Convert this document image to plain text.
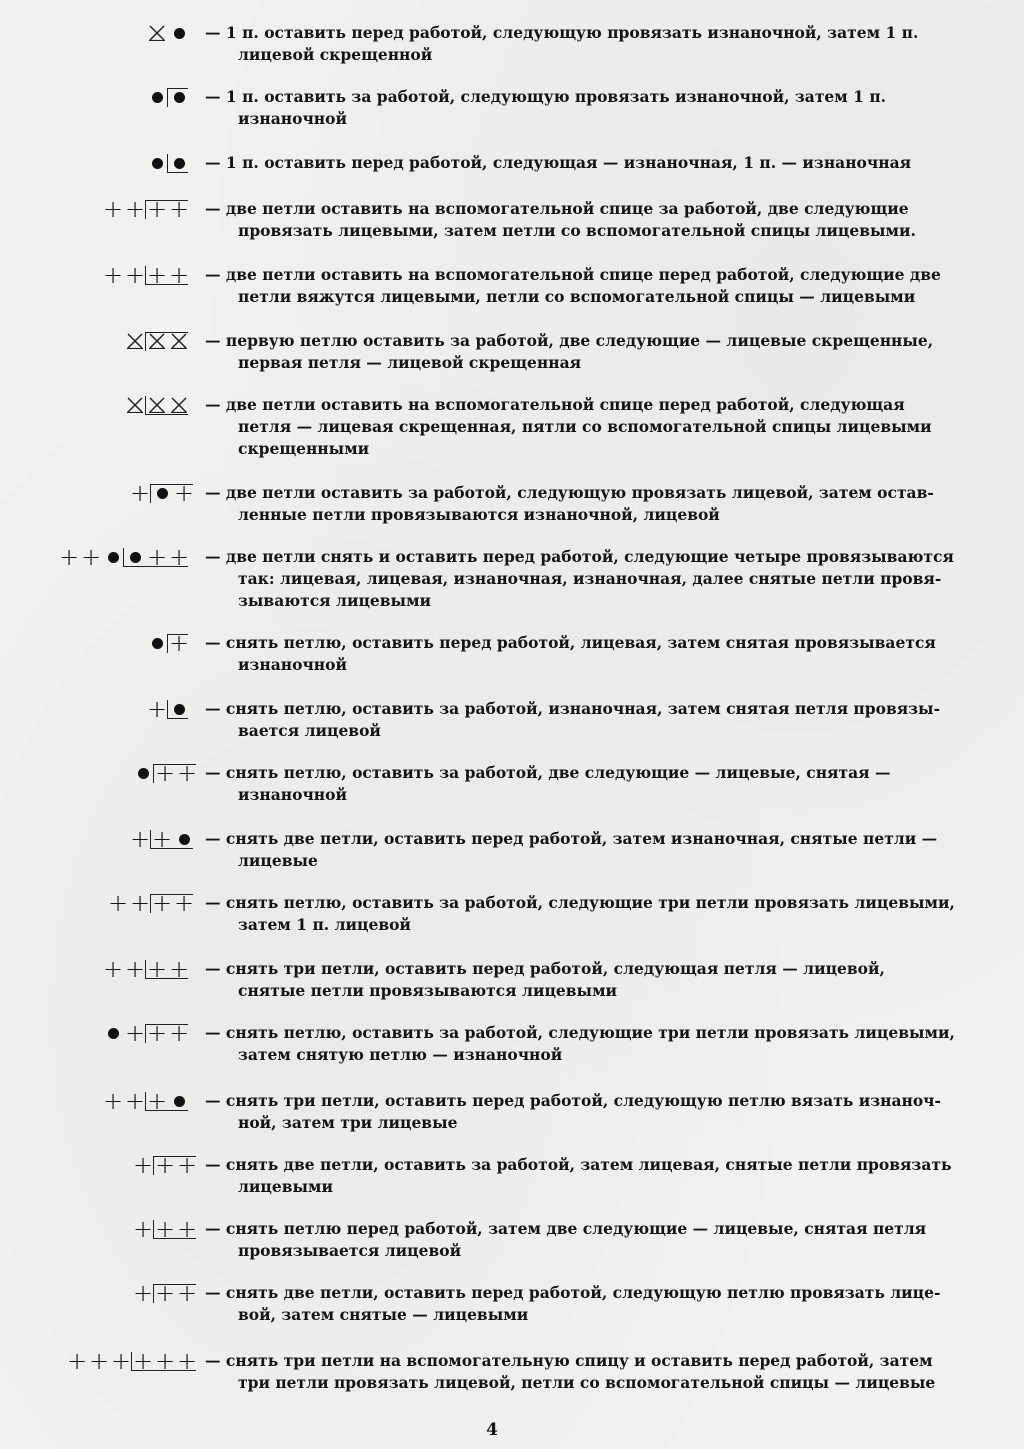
— 1 п. оставить перед работой, следующую провязать изнаночной, затем 1 п.
лицевой скрещенной
— 1 п. оставить за работой, следующую провязать изнаночной, затем 1 п.
изнаночной
— 1 п. оставить перед работой, следующая — изнаночная, 1 п. — изнаночная
+ + + + — две петли оставить на вспомогательной спице за работой, две следующие
провязать лицевыми, затем петли со вспомогательной спицы лицевыми.
+ + + + — две петли оставить на вспомогательной спице перед работой, следующие две
петли вяжутся лицевыми, петли со вспомогательной спицы — лицевыми
— первую петлю оставить за работой, две следующие — лицевые скрещенные,
первая петля — лицевой скрещенная
— две петли оставить на вспомогательной спице перед работой, следующая
петля — лицевая скрещенная, пятли со вспомогательной спицы лицевыми
скрещенными
+ + — две петли оставить за работой, следующую провязать лицевой, затем остав-
ленные петли провязываются изнаночной, лицевой
+ + + + — две петли снять и оставить перед работой, следующие четыре провязываются
так: лицевая, лицевая, изнаночная, изнаночная, далее снятые петли провя-
зываются лицевыми
+ — снять петлю, оставить перед работой, лицевая, затем снятая провязывается
изнаночной
+ — снять петлю, оставить за работой, изнаночная, затем снятая петля провязы-
вается лицевой
+ + — снять петлю, оставить за работой, две следующие — лицевые, снятая —
изнаночной
+ + — снять две петли, оставить перед работой, затем изнаночная, снятые петли —
лицевые
+ + + + — снять петлю, оставить за работой, следующие три петли провязать лицевыми,
затем 1 п. лицевой
+ + + + — снять три петли, оставить перед работой, следующая петля — лицевой,
снятые петли провязываются лицевыми
+ + + — снять петлю, оставить за работой, следующие три петли провязать лицевыми,
затем снятую петлю — изнаночной
+ + + — снять три петли, оставить перед работой, следующую петлю вязать изнаноч-
ной, затем три лицевые
+ + + — снять две петли, оставить за работой, затем лицевая, снятые петли провязать
лицевыми
+ + + — снять петлю перед работой, затем две следующие — лицевые, снятая петля
провязывается лицевой
+ + + — снять две петли, оставить перед работой, следующую петлю провязать лице-
вой, затем снятые — лицевыми
+ + + + + + — снять три петли на вспомогательную спицу и оставить перед работой, затем
три петли провязать лицевой, петли со вспомогательной спицы — лицевые
4
